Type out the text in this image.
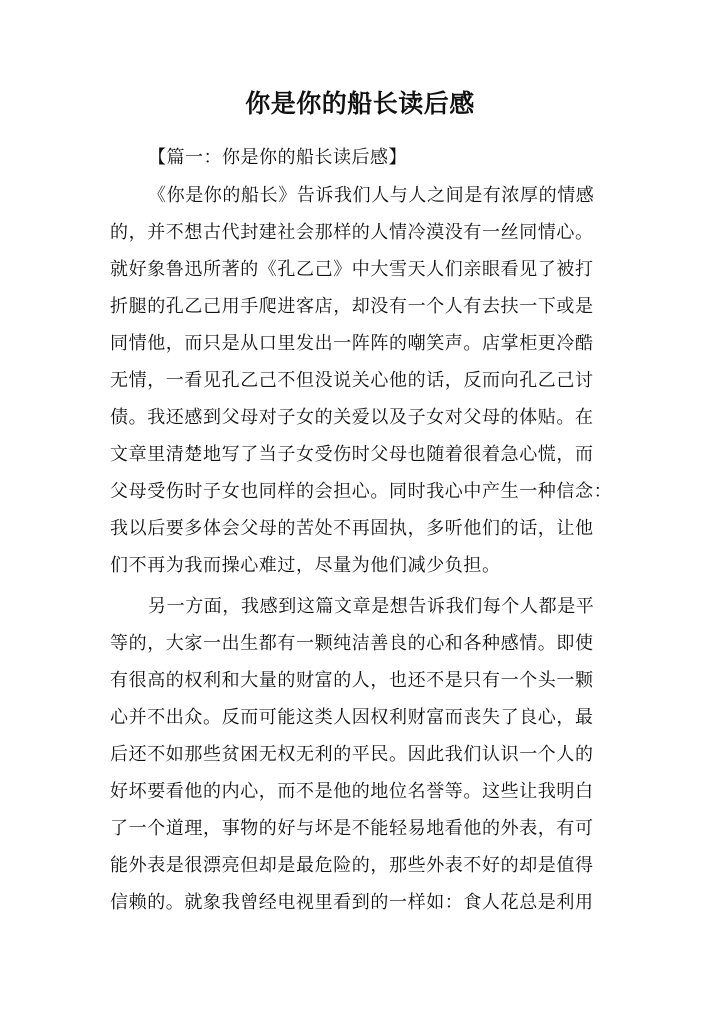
你是你的船长读后感
【篇一：你是你的船长读后感】
《你是你的船长》告诉我们人与人之间是有浓厚的情感
的，并不想古代封建社会那样的人情冷漠没有一丝同情心。
就好象鲁迅所著的《孔乙己》中大雪天人们亲眼看见了被打
折腿的孔乙己用手爬进客店，却没有一个人有去扶一下或是
同情他，而只是从口里发出一阵阵的嘲笑声。店掌柜更冷酷
无情，一看见孔乙己不但没说关心他的话，反而向孔乙己讨
债。我还感到父母对子女的关爱以及子女对父母的体贴。在
文章里清楚地写了当子女受伤时父母也随着很着急心慌，而
父母受伤时子女也同样的会担心。同时我心中产生一种信念：
我以后要多体会父母的苦处不再固执，多听他们的话，让他
们不再为我而操心难过，尽量为他们减少负担。
另一方面，我感到这篇文章是想告诉我们每个人都是平
等的，大家一出生都有一颗纯洁善良的心和各种感情。即使
有很高的权利和大量的财富的人，也还不是只有一个头一颗
心并不出众。反而可能这类人因权利财富而丧失了良心，最
后还不如那些贫困无权无利的平民。因此我们认识一个人的
好坏要看他的内心，而不是他的地位名誉等。这些让我明白
了一个道理，事物的好与坏是不能轻易地看他的外表，有可
能外表是很漂亮但却是最危险的，那些外表不好的却是值得
信赖的。就象我曾经电视里看到的一样如：食人花总是利用
